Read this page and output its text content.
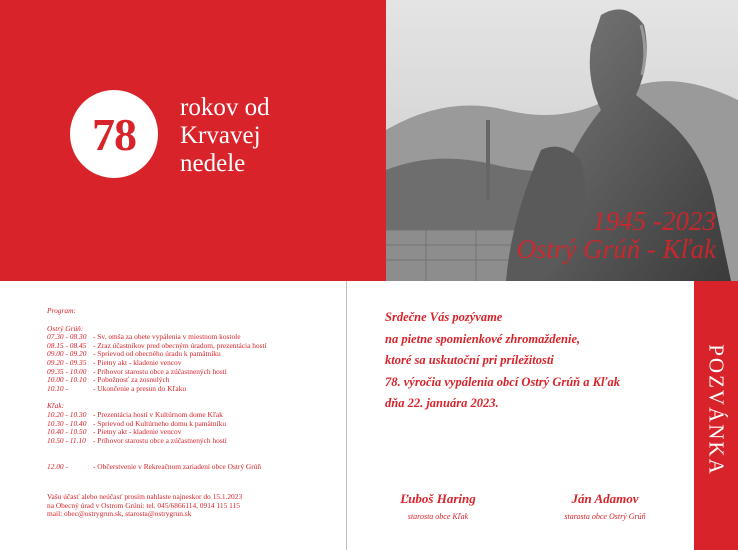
78
rokov od
Krvavej
nedele
1945 -2023
Ostrý Grúň - Kľak
Program:
Ostrý Grúň:
07.30 - 08.30 - Sv. omša za obete vypálenia v miestnom kostole
08.15 - 08.45 - Zraz účastníkov pred obecným úradom, prezentácia hostí
09.00 - 09.20 - Sprievod od obecného úradu k pamätníku
09.20 - 09.35 - Pietny akt - kladenie vencov
09.35 - 10.00 - Príhovor starostu obce a zúčastnených hostí
10.00 - 10.10 - Pobožnosť za zosnulých
10.10 -	- Ukončenie a presun do Kľaku
Kľak:
10.20 - 10.30 - Prezentácia hostí v Kultúrnom dome Kľak
10.30 - 10.40 - Sprievod od Kultúrneho domu k pamätníku
10.40 - 10.50 - Pietny akt - kladenie vencov
10.50 - 11.10 - Príhovor starostu obce a zúčastnených hostí
12.00 -	- Občerstvenie v Rekreačnom zariadení obce Ostrý Grúň
Vašu účasť alebo neúčasť prosím nahlaste najneskor do 15.1.2023
na Obecný úrad v Ostrom Grúni: tel. 045/6866114, 0914 115 115
mail: obec@ostrygrun.sk, starosta@ostrygrun.sk
Srdečne Vás pozývame
na pietne spomienkové zhromaždenie,
ktoré sa uskutoční pri príležitosti
78. výročia vypálenia obcí Ostrý Grúň a Kľak
dňa 22. januára 2023.
Ľuboš Haring
starosta obce Kľak
Ján Adamov
starosta obce Ostrý Grúň
POZVÁNKA
